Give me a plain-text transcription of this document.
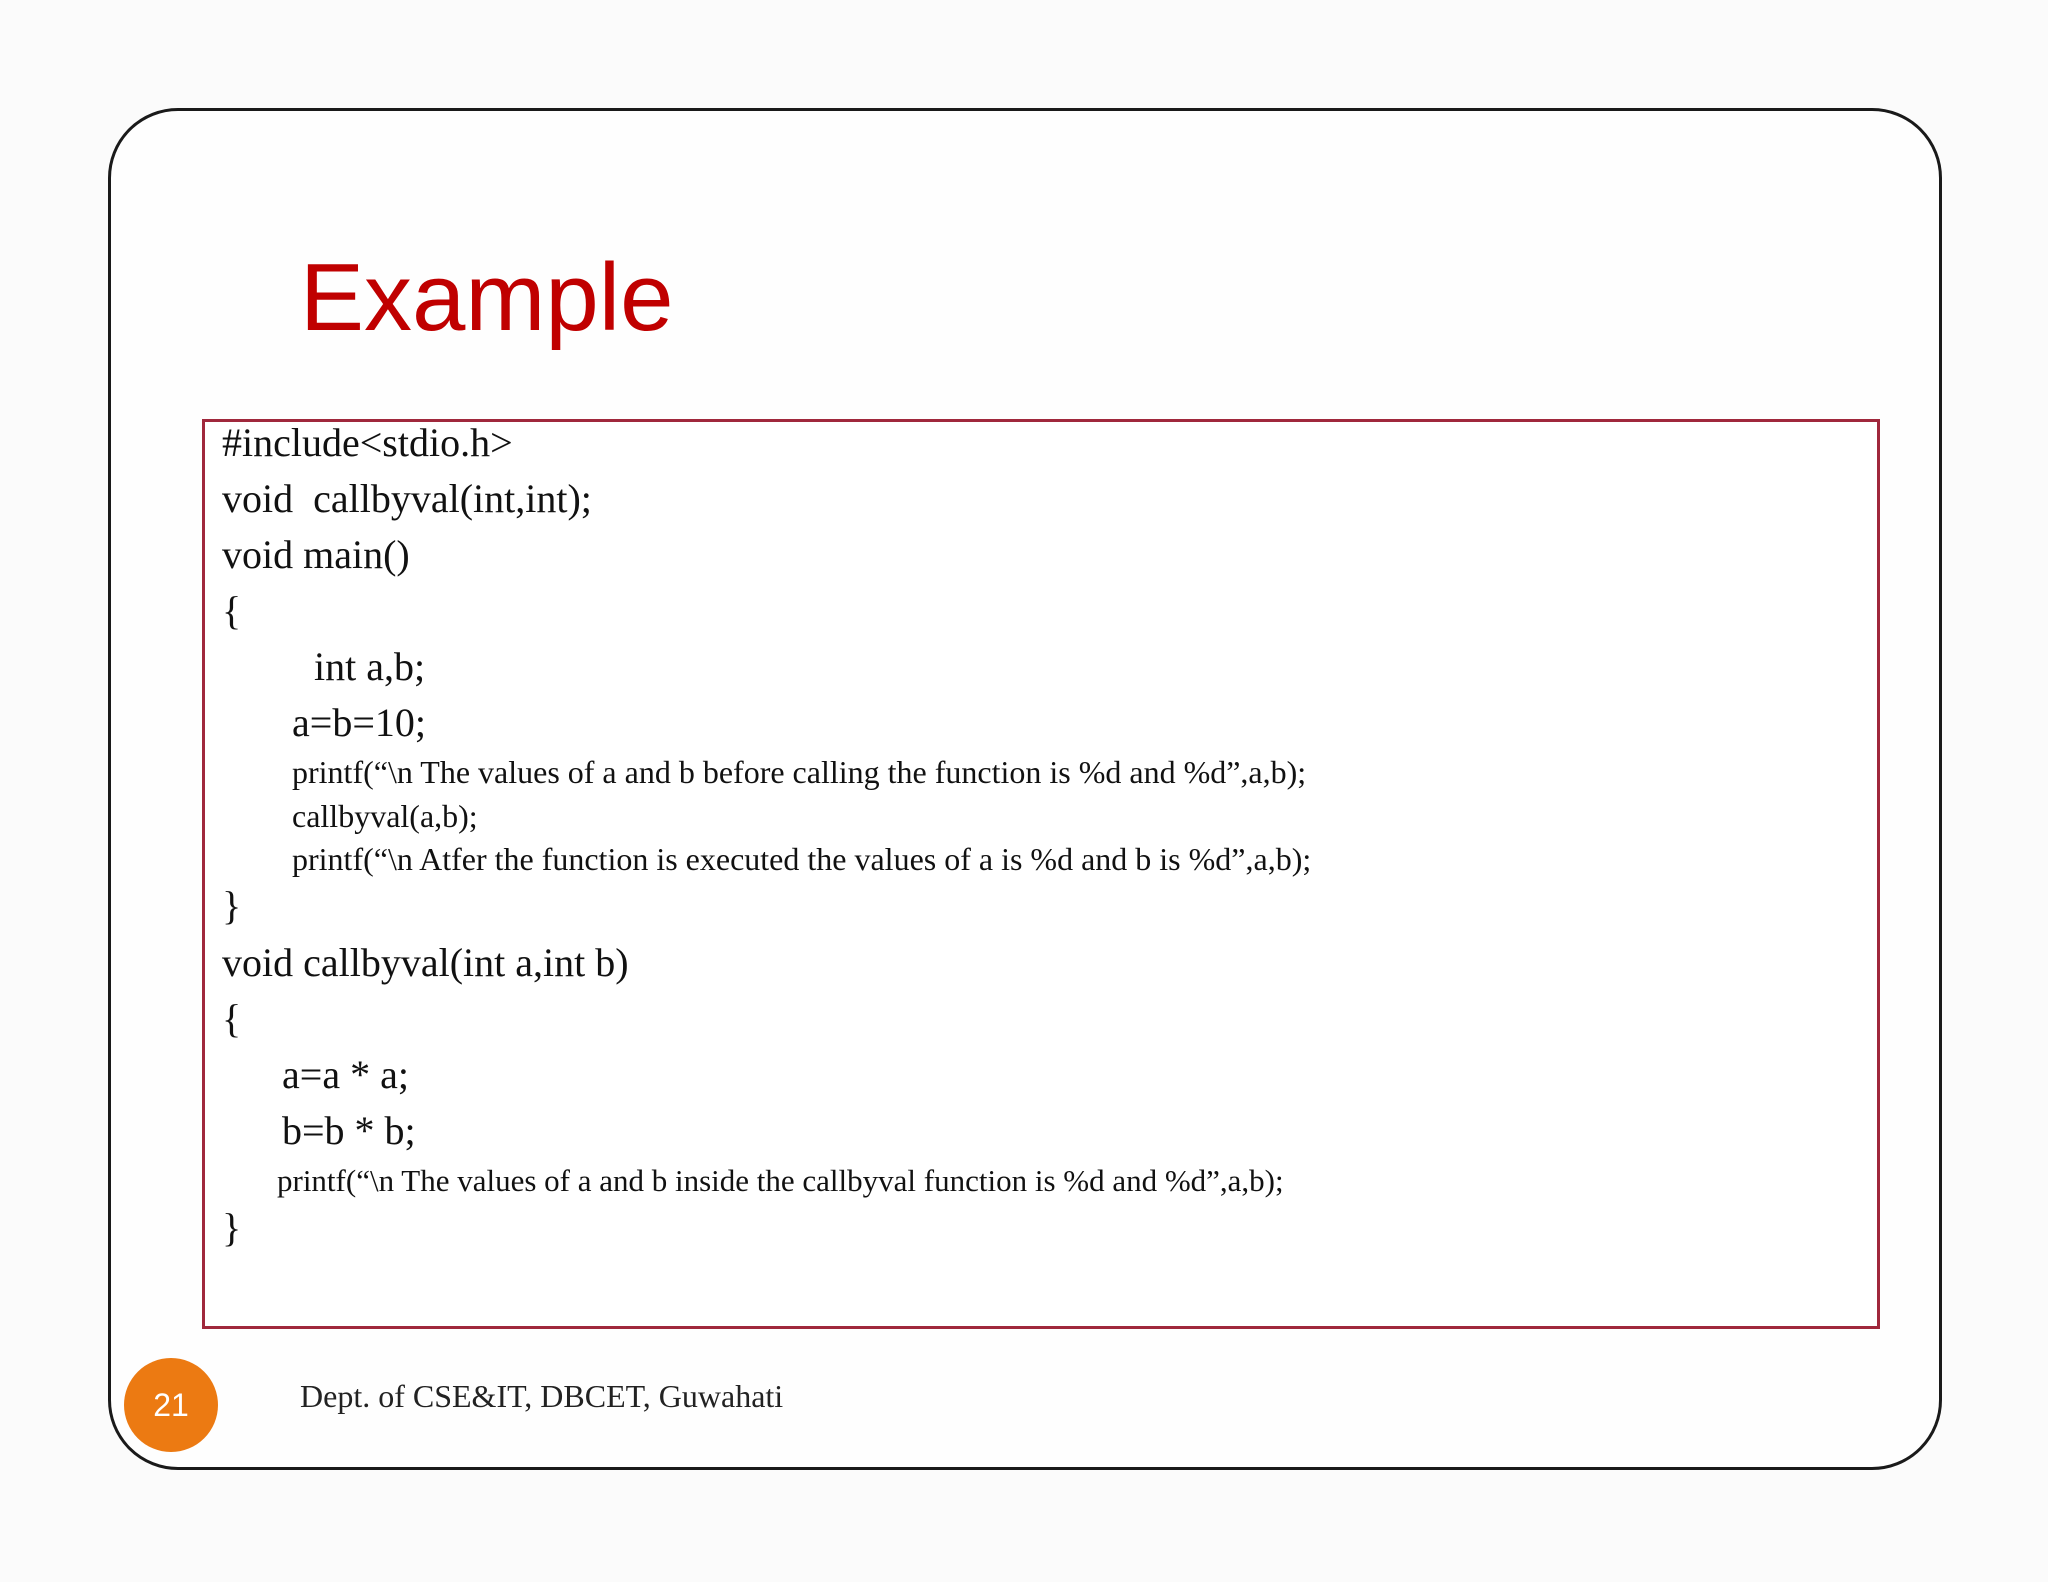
Example
#include<stdio.h>
void  callbyval(int,int);
void main()
{
int a,b;
a=b=10;
printf(“\n The values of a and b before calling the function is %d and %d”,a,b);
callbyval(a,b);
printf(“\n Atfer the function is executed the values of a is %d and b is %d”,a,b);
}
void callbyval(int a,int b)
{
a=a * a;
b=b * b;
printf(“\n The values of a and b inside the callbyval function is %d and %d”,a,b);
}
21	Dept. of CSE&IT, DBCET, Guwahati
